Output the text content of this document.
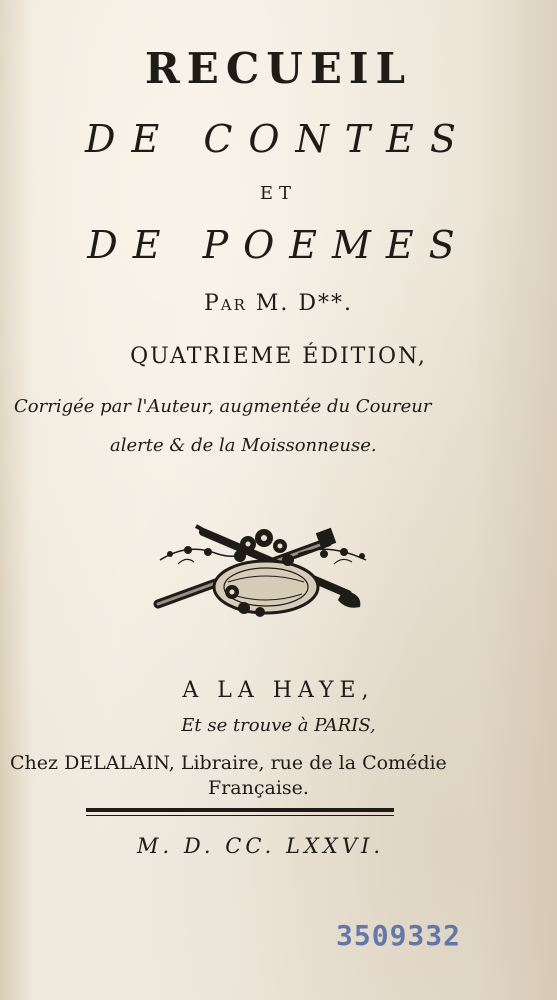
RECUEIL
DE CONTES
ET
DE POEMES
Par M. D**.
QUATRIEME ÉDITION,
Corrigée par l'Auteur, augmentée du Coureur
alerte & de la Moissonneuse.
A LA HAYE,
Et se trouve à PARIS,
Chez DELALAIN, Libraire, rue de la Comédie
Française.
M. D. CC. LXXVI.
3509332
